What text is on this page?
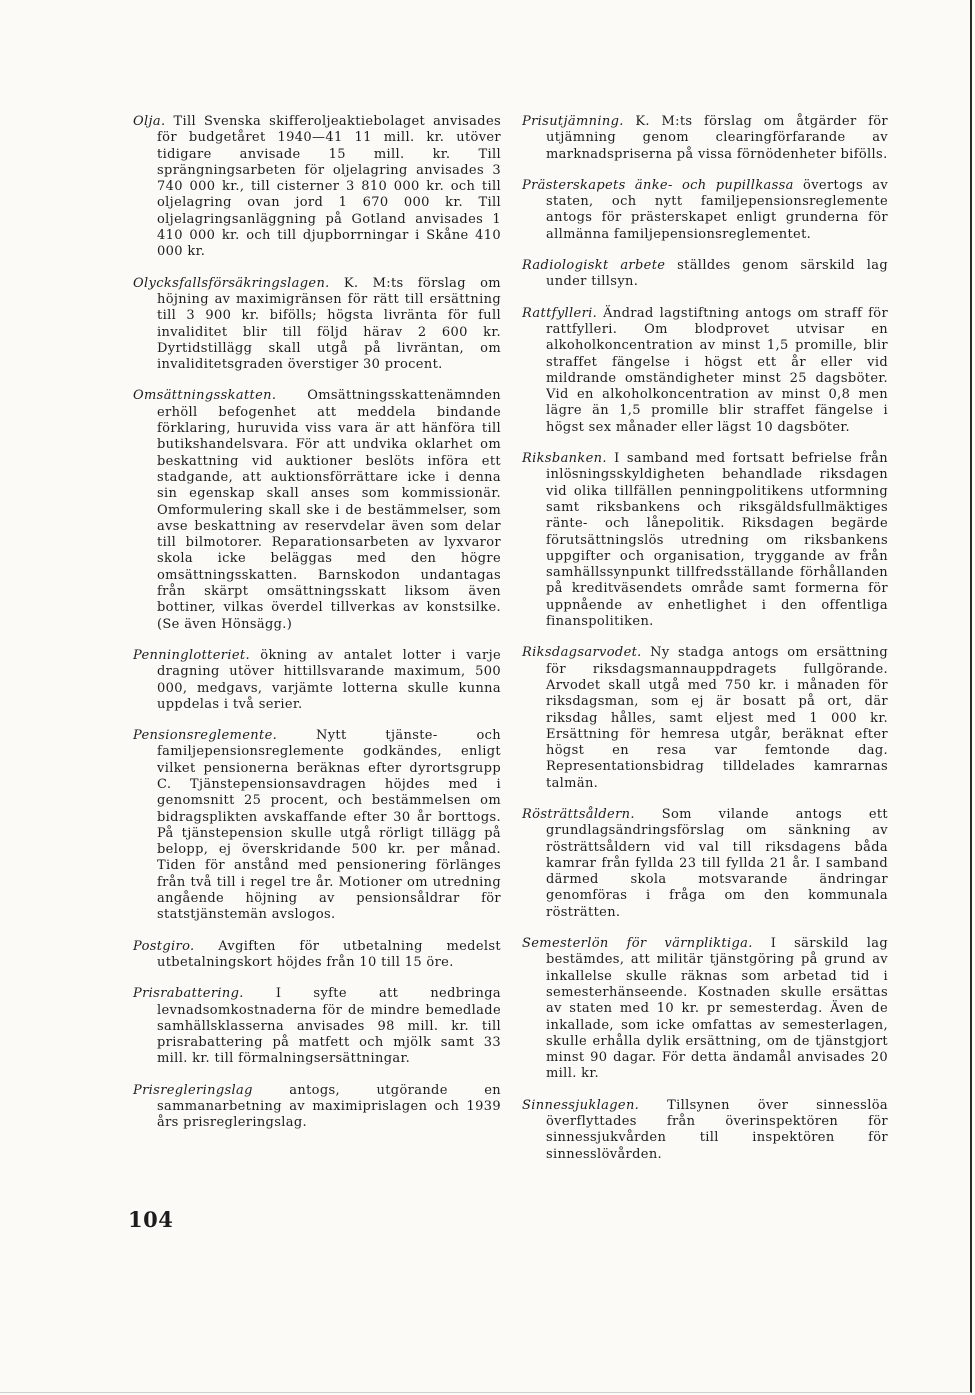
Olja. Till Svenska skifferoljeaktiebolaget anvisades för budgetåret 1940—41 11 mill. kr. utöver tidigare anvisade 15 mill. kr. Till sprängningsarbeten för oljelagring anvisades 3 740 000 kr., till cisterner 3 810 000 kr. och till oljelagring ovan jord 1 670 000 kr. Till oljelagringsanläggning på Gotland anvisades 1 410 000 kr. och till djupborrningar i Skåne 410 000 kr.

Olycksfallsförsäkringslagen. K. M:ts förslag om höjning av maximigränsen för rätt till ersättning till 3 900 kr. bifölls; högsta livränta för full invaliditet blir till följd härav 2 600 kr. Dyrtidstillägg skall utgå på livräntan, om invaliditetsgraden överstiger 30 procent.

Omsättningsskatten. Omsättningsskattenämnden erhöll befogenhet att meddela bindande förklaring, huruvida viss vara är att hänföra till butikshandelsvara. För att undvika oklarhet om beskattning vid auktioner beslöts införa ett stadgande, att auktionsförrättare icke i denna sin egenskap skall anses som kommissionär. Omformulering skall ske i de bestämmelser, som avse beskattning av reservdelar även som delar till bilmotorer. Reparationsarbeten av lyxvaror skola icke beläggas med den högre omsättningsskatten. Barnskodon undantagas från skärpt omsättningsskatt liksom även bottiner, vilkas överdel tillverkas av konstsilke. (Se även Hönsägg.)

Penninglotteriet. ökning av antalet lotter i varje dragning utöver hittillsvarande maximum, 500 000, medgavs, varjämte lotterna skulle kunna uppdelas i två serier.

Pensionsreglemente.	Nytt tjänste- och familjepensionsreglemente godkändes, enligt vilket pensionerna beräknas efter dyrortsgrupp C. Tjänstepensionsavdragen höjdes med i genomsnitt 25 procent, och bestämmelsen om bidragsplikten avskaffande efter 30 år borttogs. På tjänstepension skulle utgå rörligt tillägg på belopp, ej överskridande 500 kr. per månad. Tiden för anstånd med pensionering förlänges från två till i regel tre år. Motioner om utredning angående höjning av pensionsåldrar för statstjänstemän avslogos.

Postgiro. Avgiften för utbetalning medelst utbetalningskort höjdes från 10 till 15 öre.

Prisrabattering. I syfte att nedbringa levnadsomkostnaderna för de mindre bemedlade samhällsklasserna anvisades 98 mill. kr. till prisrabattering på matfett och mjölk samt 33 mill. kr. till förmalningsersättningar.

Prisregleringslag	antogs, utgörande en sammanarbetning av maximiprislagen och 1939 års prisregleringslag.

Prisutjämning. K. M:ts förslag om åtgärder för utjämning genom clearingförfarande av marknadspriserna på vissa förnödenheter bifölls.

Prästerskapets änke- och pupillkassa övertogs av staten, och nytt familjepensionsreglemente antogs för prästerskapet enligt grunderna för allmänna familjepensionsreglementet.

Radiologiskt arbete ställdes genom särskild lag under tillsyn.

Rattfylleri. Ändrad lagstiftning antogs om straff för rattfylleri. Om blodprovet utvisar en alkoholkoncentration av minst 1,5 promille, blir straffet fängelse i högst ett år eller vid mildrande omständigheter minst 25 dagsböter. Vid en alkoholkoncentration av minst 0,8 men lägre än 1,5 promille blir straffet fängelse i högst sex månader eller lägst 10 dagsböter.

Riksbanken. I samband med fortsatt befrielse från inlösningsskyldigheten behandlade riksdagen vid olika tillfällen penningpolitikens utformning samt riksbankens och riksgäldsfullmäktiges ränte- och lånepolitik. Riksdagen begärde förutsättningslös utredning om riksbankens uppgifter och organisation, tryggande av från samhällssynpunkt tillfredsställande förhållanden på kreditväsendets område samt formerna för uppnående av enhetlighet i den offentliga finanspolitiken.

Riksdagsarvodet. Ny stadga antogs om ersättning för riksdagsmannauppdragets fullgörande. Arvodet skall utgå med 750 kr. i månaden för riksdagsman, som ej är bosatt på ort, där riksdag hålles, samt eljest med 1 000 kr. Ersättning för hemresa utgår, beräknat efter högst en resa var femtonde dag. Representationsbidrag tilldelades kamrarnas talmän.

Rösträttsåldern. Som vilande antogs ett grundlagsändringsförslag om sänkning av rösträttsåldern vid val till riksdagens båda kamrar från fyllda 23 till fyllda 21 år. I samband därmed skola motsvarande ändringar genomföras i fråga om den kommunala rösträtten.

Semesterlön för värnpliktiga. I särskild lag bestämdes, att militär tjänstgöring på grund av inkallelse skulle räknas som arbetad tid i semesterhänseende. Kostnaden skulle ersättas av staten med 10 kr. pr semesterdag. Även de inkallade, som icke omfattas av semesterlagen, skulle erhålla dylik ersättning, om de tjänstgjort minst 90 dagar. För detta ändamål anvisades 20 mill. kr.

Sinnessjuklagen. Tillsynen över sinnesslöa överflyttades från överinspektören för sinnessjukvården till inspektören för sinnesslövården.

104
